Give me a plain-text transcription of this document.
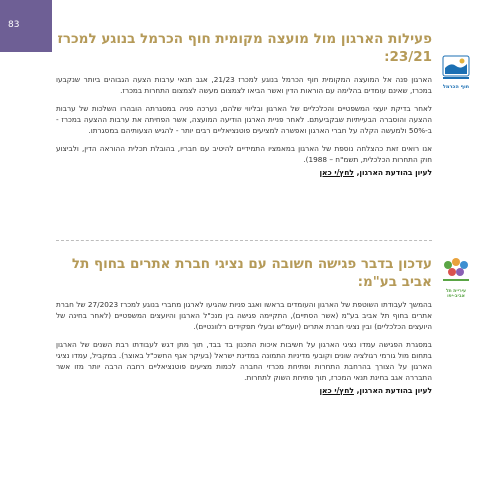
83
חוף הכרמל
פעילות הארגון מול מועצה מקומית חוף הכרמל בנוגע למכרז 23/21:

הארגון פנה אל המועצה המקומית חוף הכרמל בנוגע למכרז 21/23, אגב תנאי ערבות הצעה הגבוהים ביותר שנקבעו במכרז, שאינם עומדים בהלימה עם הוראות הדין ואשר הביאו לצמצום מעשה לצמצום התחרות במכרז.

לאחר בדיקת יועצי המשפטיים והכלכליים של הארגון ובליווי שלהם, נערכה פניה במסגרתה הובהרו השלכות של ערבות ההצעה והוסברה הבעייתיות שבקביעתם. לאחר פניית הארגון הודיעה המועצה, אשר הפחיתה את ערבות ההצעה במכרז - ב-50% ולמעשה הקלה על חברי הארגון ואפשרה למציעים פוטנציאליים רבים יותר - להגיש הצעותיהם במסגרתו.

אנו רואים זאת כהצלחה נוספת של הארגון במאמציו התמידיים להיטיב עם חבריו, בהובלת תכלית ההוראה הדין, ולביצוע חוק התחרות הכלכלית, תשמ"ח – 1988).

לעיון בהודעת הארגון, לחץ/י כאן
עיריית תל אביב-יפו
עדכון בדבר פגישה חשובה עם נציגי חברת אתרים בחוף תל אביב בע"מ:

בהמשך לעבודתו השוטפת של הארגון והעומדים בראשו ואגב פניות שהגיעו לארגון מחברי בנוגע למכרז 27/2023 של חברת אתרים בחוף תל אביב בע"מ (אשר הסתיים), התקיימה פגישה בין מנכ"ל הארגון והיועצים המשפטיים (לאחר בחינה של היועצים הכלכליים) ובין נציגי חברת אתרים (יועמ"ש ובעלי תפקידים רלוונטיים).

במסגרת הפגישה עמדו נציגי הארגון על חשיבות איכות התכנון בד בבד, תוך מתן דגש לעבודתו רבת השנים של הארגון בתחום מול גורמי רגולציה שונים וקובעי מדיניות התמונה במדינת ישראל (בעיקר אגף החשכ"ל באוצר). במקביל, עמדו נציגי הארגון על הצורך בהרחבת התחרות ופתיחת מכרזי החברה לכמות מציעים פוטנציאליים רחבה הרבה יותר מזו אשר התבררה אגב בחינת תנאי המכרז, תוך פתיחת השוק לתחרות.

לעיון בהודעת הארגון, לחץ/י כאן
